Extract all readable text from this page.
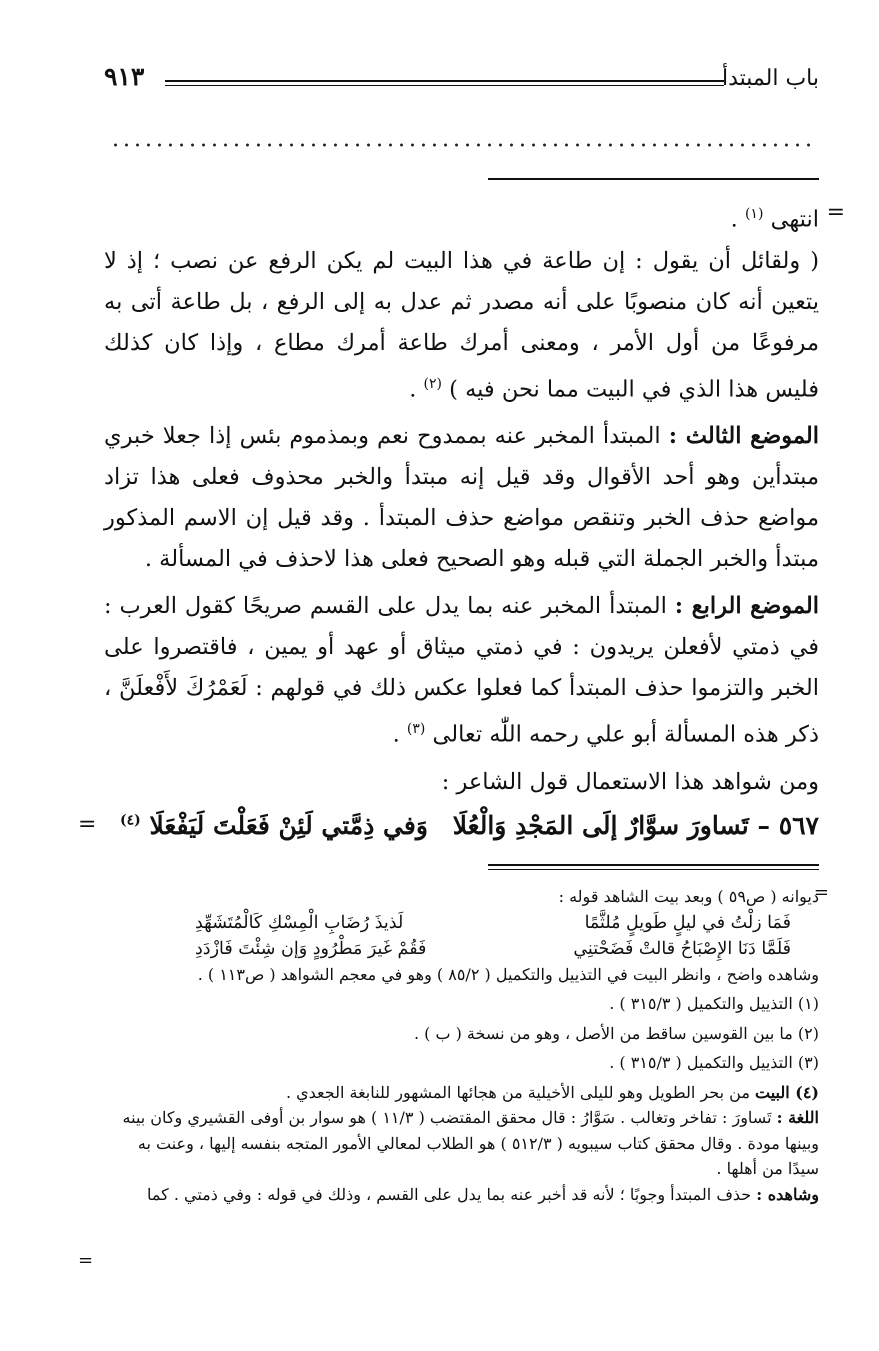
باب المبتدأ
٩١٣
=

انتهى $^{(١)}$ .

( ولقائل أن يقول : إن طاعة في هذا البيت لم يكن الرفع عن نصب ؛ إذ لا يتعين أنه كان منصوبًا على أنه مصدر ثم عدل به إلى الرفع ، بل طاعة أتى به مرفوعًا من أول الأمر ، ومعنى أمرك طاعة أمرك مطاع ، وإذا كان كذلك فليس هذا الذي في البيت مما نحن فيه ) $^{(٢)}$ .

الموضع الثالث : المبتدأ المخبر عنه بممدوح نعم وبمذموم بئس إذا جعلا خبري مبتدأين وهو أحد الأقوال وقد قيل إنه مبتدأ والخبر محذوف فعلى هذا تزاد مواضع حذف الخبر وتنقص مواضع حذف المبتدأ . وقد قيل إن الاسم المذكور مبتدأ والخبر الجملة التي قبله وهو الصحيح فعلى هذا لاحذف في المسألة .

الموضع الرابع : المبتدأ المخبر عنه بما يدل على القسم صريحًا كقول العرب : في ذمتي لأفعلن يريدون : في ذمتي ميثاق أو عهد أو يمين ، فاقتصروا على الخبر والتزموا حذف المبتدأ كما فعلوا عكس ذلك في قولهم : لَعَمْرُكَ لأَفْعلَنَّ ، ذكر هذه المسألة أبو علي رحمه اللّٰه تعالى $^{(٣)}$ .

ومن شواهد هذا الاستعمال قول الشاعر :

٥٦٧ – تَساورَ سوَّارٌ إلَى المَجْدِ وَالْعُلَا
وَفي ذِمَّتي لَئِنْ فَعَلْتَ لَيَفْعَلَا $^{(٤)}$
=
=

ديوانه ( ص٥٩ ) وبعد بيت الشاهد قوله :

فَمَا زلْتُ في ليلٍ طَويلٍ مُلثَّمًا
لَذيذَ رُضَابِ الْمِسْكِ كَالْمُتَشَهِّدِ
فَلَمَّا دَنَا الإِصْبَاحُ قالتْ فَضَحْتنِي
فَقُمْ غَيرَ مَطْرُودٍ وَإن شِئْتَ فَازْدَدِ

وشاهده واضح ، وانظر البيت في التذييل والتكميل ( ٨٥/٢ ) وهو في معجم الشواهد ( ص١١٣ ) .

(١) التذييل والتكميل ( ٣١٥/٣ ) .

(٢) ما بين القوسين ساقط من الأصل ، وهو من نسخة ( ب ) .

(٣) التذييل والتكميل ( ٣١٥/٣ ) .

(٤) البيت من بحر الطويل وهو لليلى الأخيلية من هجائها المشهور للنابغة الجعدي .

اللغة : تَساورَ : تفاخر وتغالب . سَوَّارُ : قال محقق المقتضب ( ١١/٣ ) هو سوار بن أوفى القشيري وكان بينه وبينها مودة . وقال محقق كتاب سيبويه ( ٥١٢/٣ ) هو الطلاب لمعالي الأمور المتجه بنفسه إليها ، وعنت به سيدًا من أهلها .

وشاهده : حذف المبتدأ وجوبًا ؛ لأنه قد أخبر عنه بما يدل على القسم ، وذلك في قوله : وفي ذمتي . كما

=
